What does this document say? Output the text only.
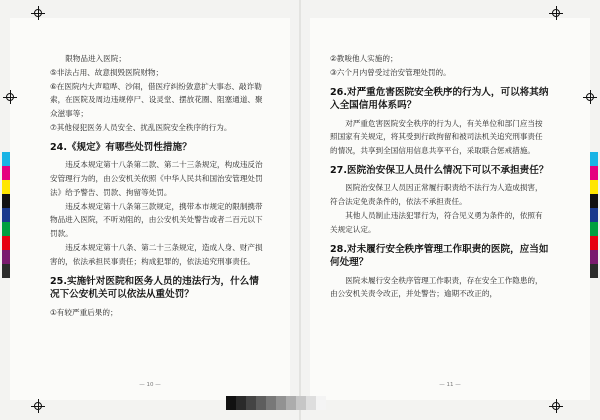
限物品进入医院；

⑤非法占用、故意损毁医院财物；

⑥在医院内大声喧哗、沙闹，借医疗纠纷敛意扩大事态、敲诈勒索，在医院及周边违规停尸、设灵堂、摆放花圈、阻塞通道、聚众滋事等；

⑦其他侵犯医务人员安全、扰乱医院安全秩序的行为。

24.《规定》有哪些处罚性措施？

违反本规定第十八条第二款、第二十三条规定，构成违反治安管理行为的，由公安机关依照《中华人民共和国治安管理处罚法》给予警告、罚款、拘留等处罚。

违反本规定第十八条第三款规定，携带本市规定的限制携带物品进入医院，不听劝阻的，由公安机关处警告或者二百元以下罚款。

违反本规定第十八条、第二十三条规定，造成人身、财产损害的，依法承担民事责任；构成犯罪的，依法追究刑事责任。

25.实施针对医院和医务人员的违法行为，什么情况下公安机关可以依法从重处罚？

①有较严重后果的；

— 10 —

②教唆他人实施的；

③六个月内曾受过治安管理处罚的。

26.对严重危害医院安全秩序的行为人，可以将其纳入全国信用体系吗？

对严重危害医院安全秩序的行为人，有关单位和部门应当按照国家有关规定，将其受到行政拘留和被司法机关追究刑事责任的情况，共享到全国信用信息共享平台，采取联合惩戒措施。

27.医院治安保卫人员什么情况下可以不承担责任？

医院治安保卫人员因正常履行职责给不法行为人造成损害，符合法定免责条件的，依法不承担责任。

其他人员制止违法犯罪行为，符合见义勇为条件的，依照有关规定认定。

28.对未履行安全秩序管理工作职责的医院，应当如何处理？

医院未履行安全秩序管理工作职责，存在安全工作隐患的，由公安机关责令改正，并处警告；逾期不改正的，

— 11 —
